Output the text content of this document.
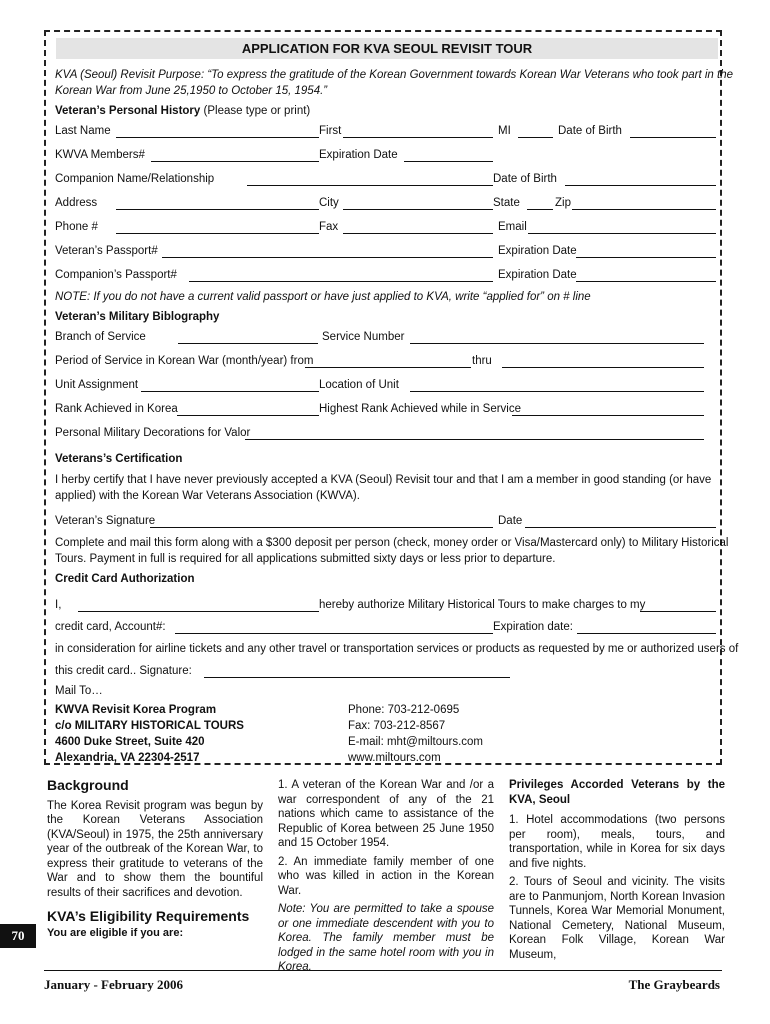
APPLICATION FOR KVA SEOUL REVISIT TOUR
KVA (Seoul) Revisit Purpose: “To express the gratitude of the Korean Government towards Korean War Veterans who took part in the
Korean War from June 25,1950 to October 15, 1954.”
Veteran’s Personal History (Please type or print)
Last Name	First	MI	Date of Birth
KWVA Members#	Expiration Date
Companion Name/Relationship	Date of Birth
Address	City	State	Zip
Phone #	Fax	Email
Veteran’s Passport#	Expiration Date
Companion’s Passport#	Expiration Date
NOTE: If you do not have a current valid passport or have just applied to KVA, write “applied for” on # line
Veteran’s Military Biblography
Branch of Service	Service Number
Period of Service in Korean War (month/year) from	thru
Unit Assignment	Location of Unit
Rank Achieved in Korea	Highest Rank Achieved while in Service
Personal Military Decorations for Valor
Veterans’s Certification
I herby certify that I have never previously accepted a KVA (Seoul) Revisit tour and that I am a member in good standing (or have
applied) with the Korean War Veterans Association (KWVA).
Veteran’s Signature	Date
Complete and mail this form along with a $300 deposit per person (check, money order or Visa/Mastercard only) to Military Historical
Tours. Payment in full is required for all applications submitted sixty days or less prior to departure.
Credit Card Authorization
I,	hereby authorize Military Historical Tours to make charges to my
credit card, Account#:	Expiration date:
in consideration for airline tickets and any other travel or transportation services or products as requested by me or authorized users of
this credit card.. Signature:
Mail To…
KWVA Revisit Korea Program
c/o MILITARY HISTORICAL TOURS
4600 Duke Street, Suite 420
Alexandria, VA 22304-2517
Phone: 703-212-0695
Fax: 703-212-8567
E-mail: mht@miltours.com
www.miltours.com
Background
The Korea Revisit program was begun by the Korean Veterans Association (KVA/Seoul) in 1975, the 25th anniversary year of the outbreak of the Korean War, to express their gratitude to veterans of the War and to show them the bountiful results of their sacrifices and devotion.
KVA’s Eligibility Requirements
You are eligible if you are:
1. A veteran of the Korean War and /or a war correspondent of any of the 21 nations which came to assistance of the Republic of Korea between 25 June 1950 and 15 October 1954.
2. An immediate family member of one who was killed in action in the Korean War.
Note: You are permitted to take a spouse or one immediate descendent with you to Korea. The family member must be lodged in the same hotel room with you in Korea.
Privileges Accorded Veterans by the KVA, Seoul
1. Hotel accommodations (two persons per room), meals, tours, and transportation, while in Korea for six days and five nights.
2. Tours of Seoul and vicinity. The visits are to Panmunjom, North Korean Invasion Tunnels, Korea War Memorial Monument, National Cemetery, National Museum, Korean Folk Village, Korean War Museum,
70
January - February 2006	The Graybeards
